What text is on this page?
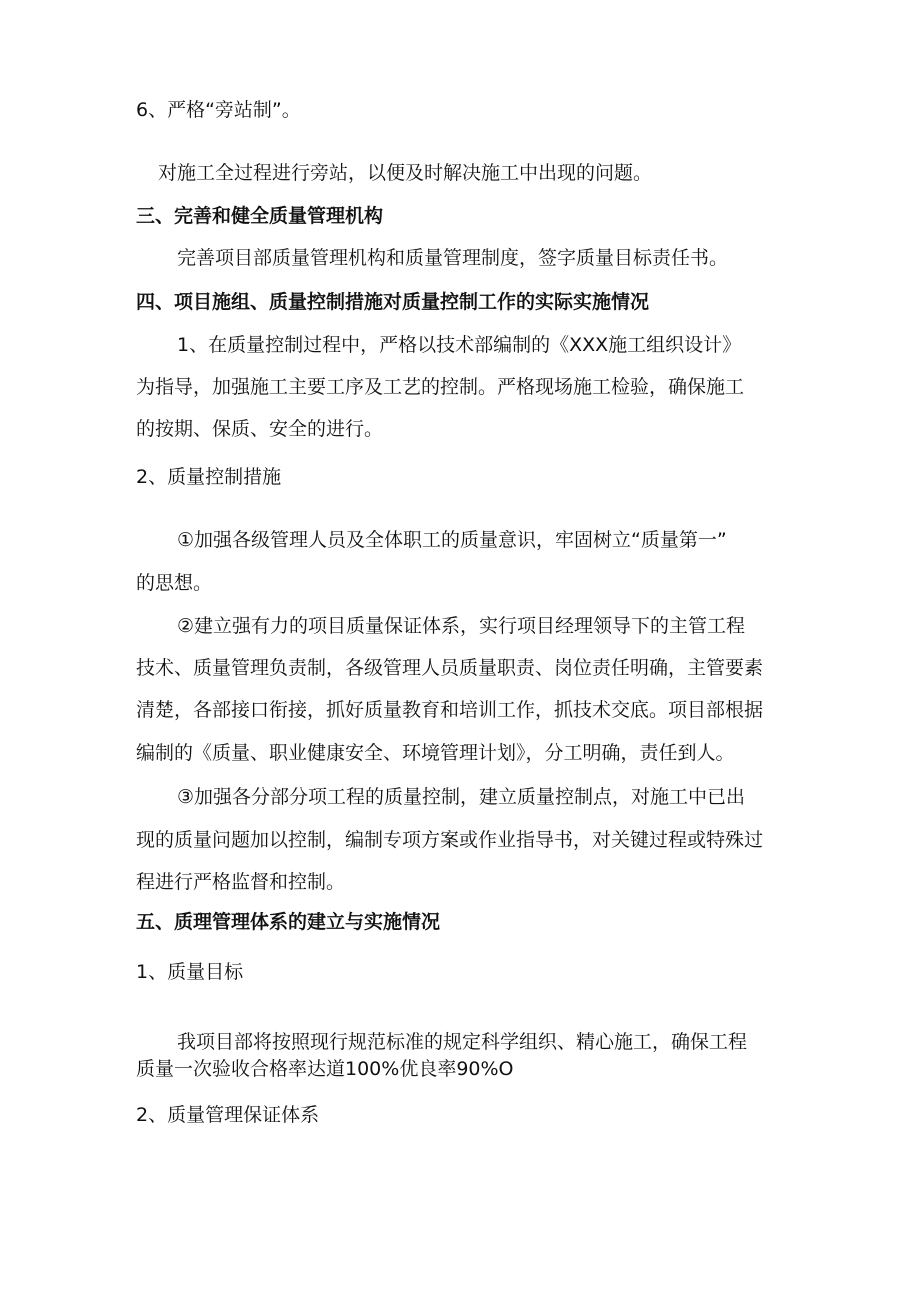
6、严格“旁站制”。
对施工全过程进行旁站，以便及时解决施工中出现的问题。
三、完善和健全质量管理机构
完善项目部质量管理机构和质量管理制度，签字质量目标责任书。
四、项目施组、质量控制措施对质量控制工作的实际实施情况
1、在质量控制过程中，严格以技术部编制的《XXX施工组织设计》
为指导，加强施工主要工序及工艺的控制。严格现场施工检验，确保施工
的按期、保质、安全的进行。
2、质量控制措施
①加强各级管理人员及全体职工的质量意识，牢固树立“质量第一”
的思想。
②建立强有力的项目质量保证体系，实行项目经理领导下的主管工程
技术、质量管理负责制，各级管理人员质量职责、岗位责任明确，主管要素
清楚，各部接口衔接，抓好质量教育和培训工作，抓技术交底。项目部根据
编制的《质量、职业健康安全、环境管理计划》，分工明确，责任到人。
③加强各分部分项工程的质量控制，建立质量控制点，对施工中已出
现的质量问题加以控制，编制专项方案或作业指导书，对关键过程或特殊过
程进行严格监督和控制。
五、质理管理体系的建立与实施情况
1、质量目标
我项目部将按照现行规范标准的规定科学组织、精心施工，确保工程
质量一次验收合格率达道100%优良率90%O
2、质量管理保证体系
